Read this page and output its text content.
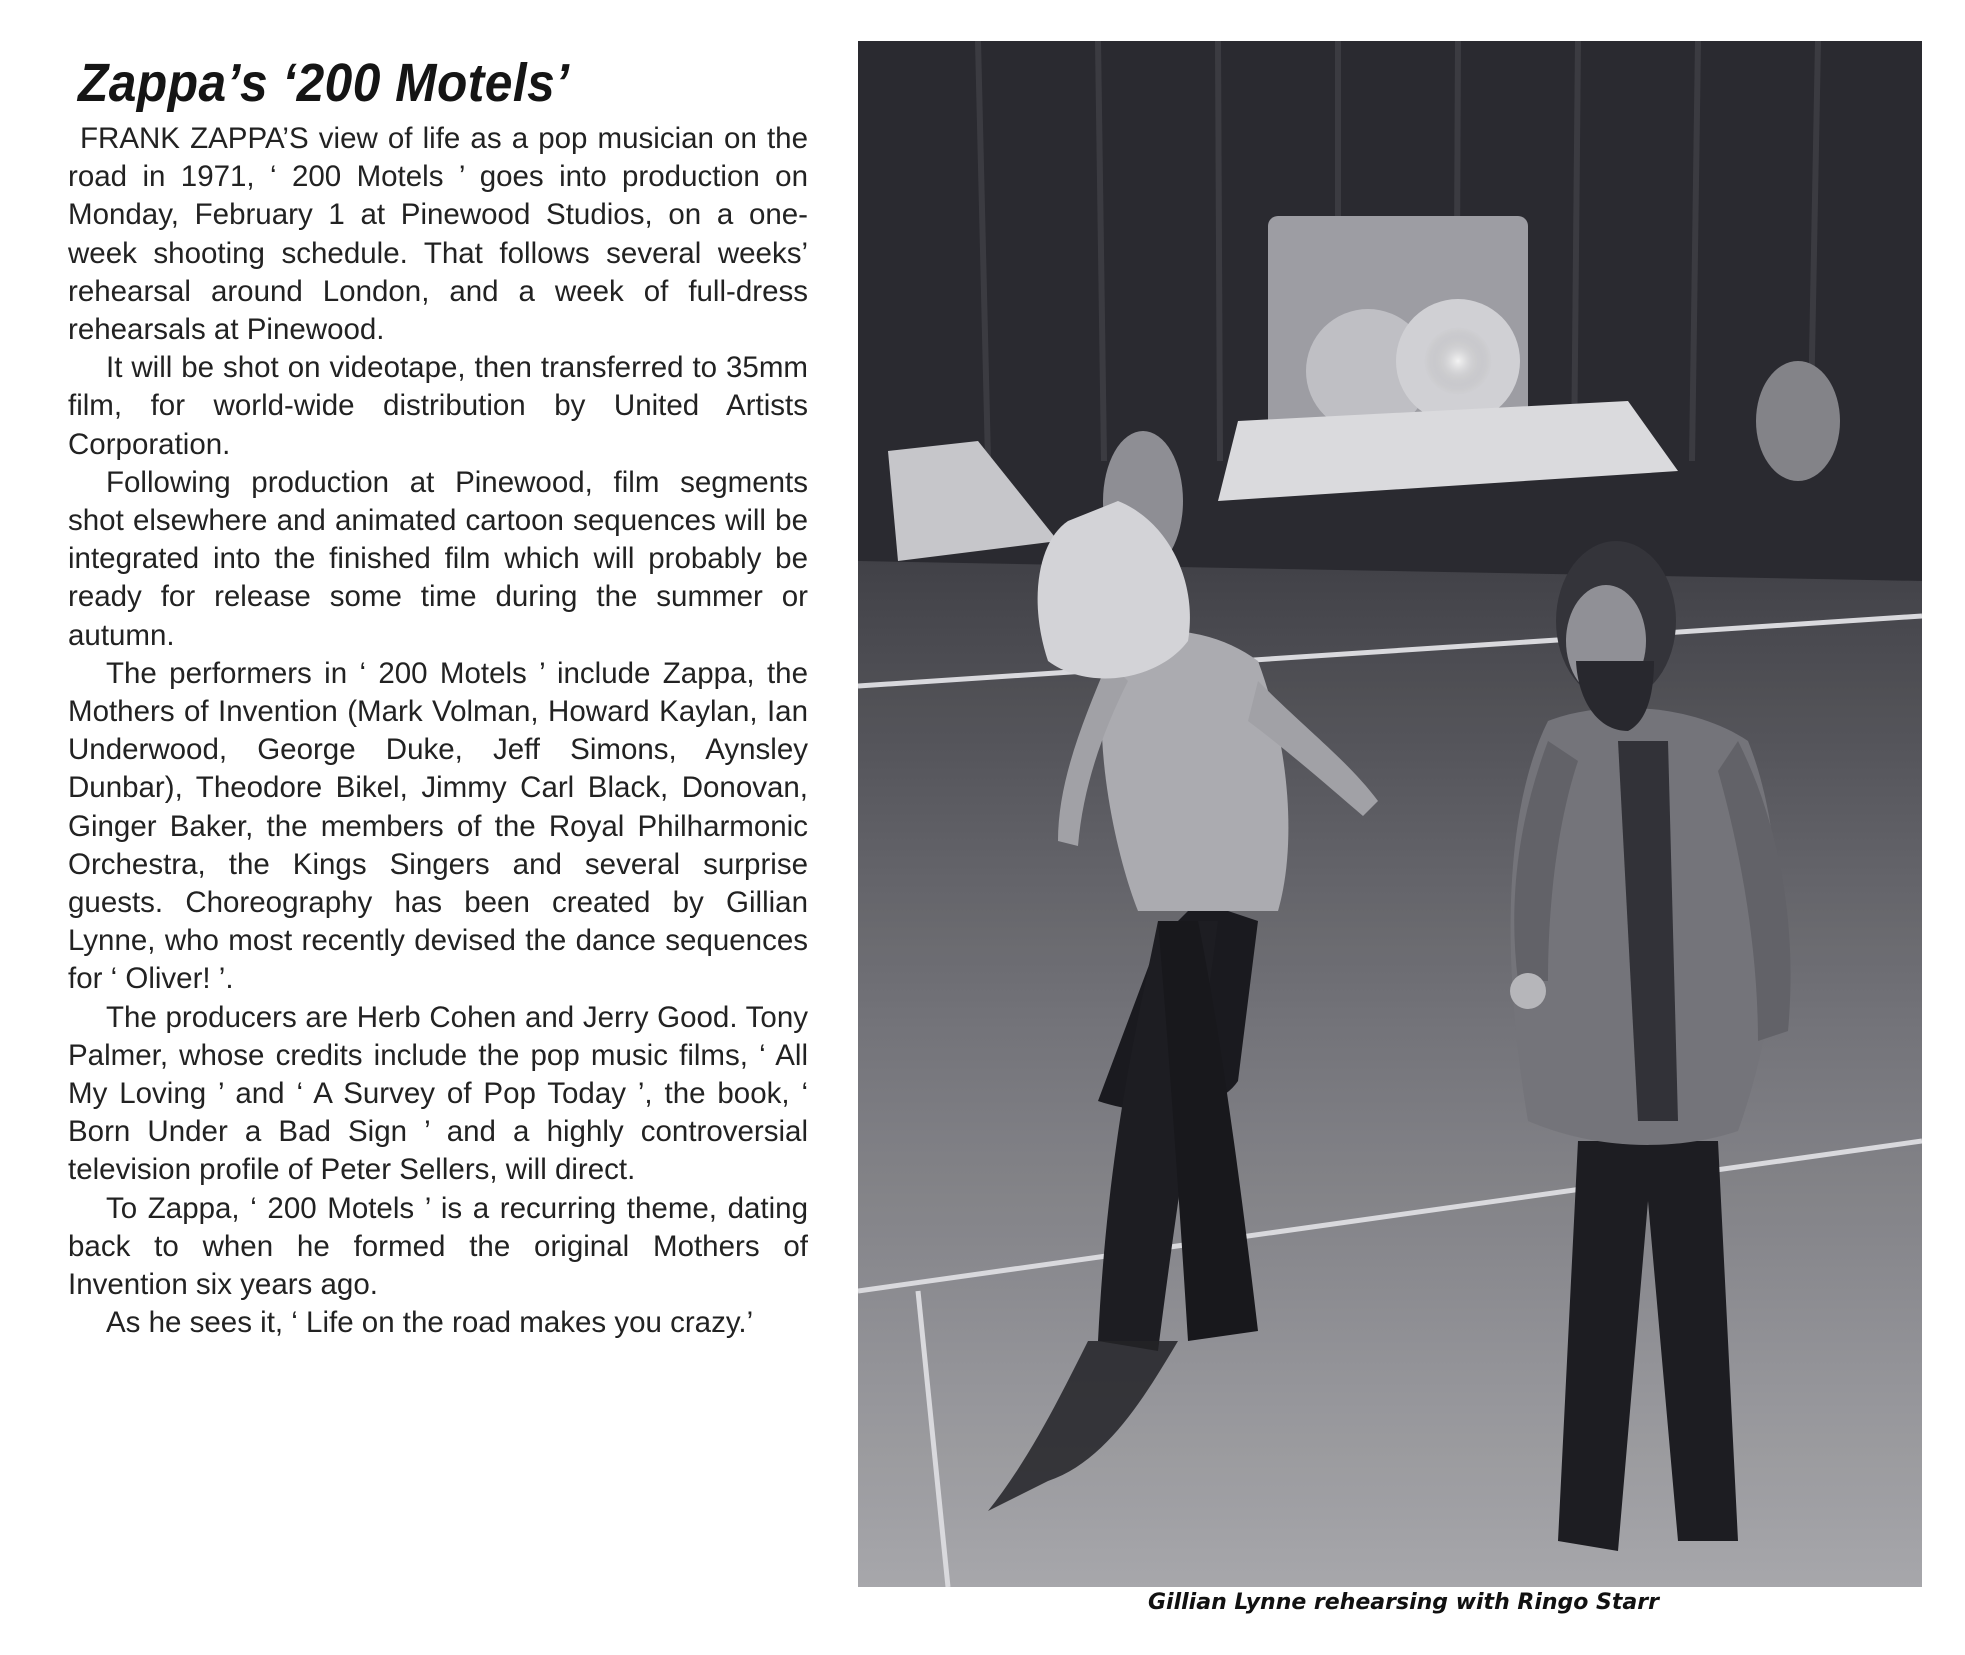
Zappa’s ‘200 Motels’

FRANK ZAPPA’S view of life as a pop musician on the road in 1971, ‘ 200 Motels ’ goes into production on Monday, February 1 at Pinewood Studios, on a one-week shooting schedule. That follows several weeks’ rehearsal around London, and a week of full-dress rehearsals at Pinewood.

It will be shot on videotape, then transferred to 35mm film, for world-wide distribution by United Artists Corporation.

Following production at Pinewood, film segments shot elsewhere and animated cartoon sequences will be integrated into the finished film which will probably be ready for release some time during the summer or autumn.

The performers in ‘ 200 Motels ’ include Zappa, the Mothers of Invention (Mark Volman, Howard Kaylan, Ian Underwood, George Duke, Jeff Simons, Aynsley Dunbar), Theodore Bikel, Jimmy Carl Black, Donovan, Ginger Baker, the members of the Royal Philharmonic Orchestra, the Kings Singers and several surprise guests. Choreography has been created by Gillian Lynne, who most recently devised the dance sequences for ‘ Oliver! ’.

The producers are Herb Cohen and Jerry Good. Tony Palmer, whose credits include the pop music films, ‘ All My Loving ’ and ‘ A Survey of Pop Today ’, the book, ‘ Born Under a Bad Sign ’ and a highly controversial television profile of Peter Sellers, will direct.

To Zappa, ‘ 200 Motels ’ is a recurring theme, dating back to when he formed the original Mothers of Invention six years ago.

As he sees it, ‘ Life on the road makes you crazy.’

Gillian Lynne rehearsing with Ringo Starr
